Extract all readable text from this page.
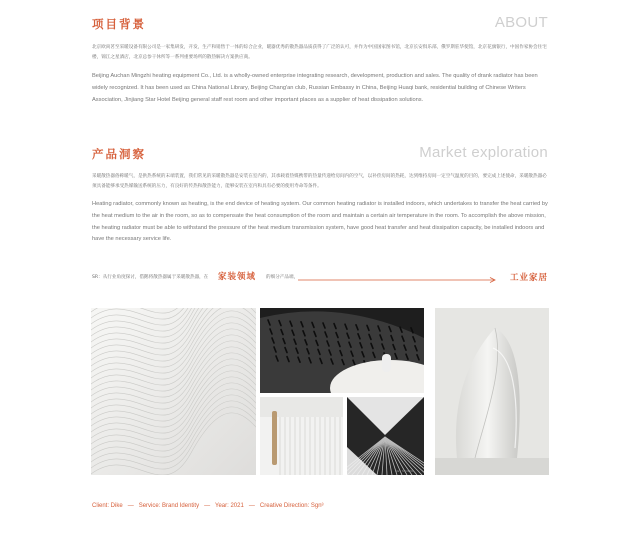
项目背景	ABOUT

北京欧尚茗至采暖设备有限公司是一家集研发，开发，生产和销售于一体的综合企业，暖器优秀的散热器品质获得了广泛的认可，并作为中国国家图书馆，北京长安俱乐部，俄罗斯驻华使馆，北京花旗银行，中国作家协会住宅楼，锦江之星酒店，北京总参干休所等一系列重要场所的散热解决方案供应商。

Beijing Auchan Mingzhi heating equipment Co., Ltd. is a wholly-owned enterprise integrating research, development, production and sales. The quality of drank radiator has been widely recognized. It has been used as China National Library, Beijing Chang'an club, Russian Embassy in China, Beijing Huaqi bank, residential building of Chinese Writers Association, Jinjiang Star Hotel Beijing general staff rest room and other important places as a supplier of heat dissipation solutions.

产品洞察	Market exploration

采暖散热器俗称暖气，是供热系统的末端装置，我们常见的采暖散热器是安装在室内的，其承载着热媒携带的热量传递给房间内的空气，以补偿房间的热耗，达到维持房间一定空气温度的目的，要完成上述使命，采暖散热器必须具备能够承受热媒输送系统的压力，有良好的传热和散热能力，能够安装在室内和具有必要的使用寿命等条件。

Heating radiator, commonly known as heating, is the end device of heating system. Our common heating radiator is installed indoors, which undertakes to transfer the heat carried by the heat medium to the air in the room, so as to compensate the heat consumption of the room and maintain a certain air temperature in the room. To accomplish the above mission, the heating radiator must be able to withstand the pressure of the heat medium transmission system, have good heat transfer and heat dissipation capacity, be installed indoors and have the necessary service life.

SR：从行业角度探讨，借鹅将散热器属于采暖散热器，在 家装领域 的细分产品端，	工业家居
SGY STUDIO
Client: Dike — Service: Brand Identity — Year: 2021 — Creative Direction: Sgn³
